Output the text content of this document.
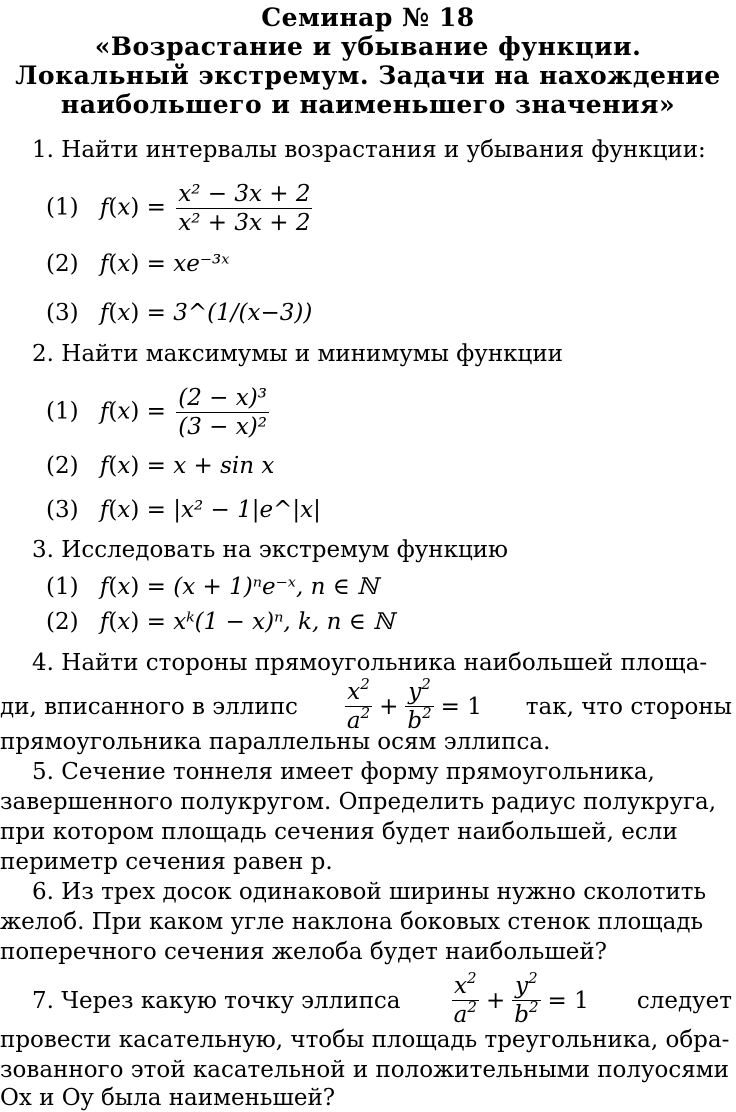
Семинар № 18
«Возрастание и убывание функции.
Локальный экстремум. Задачи на нахождение
наибольшего и наименьшего значения»
1. Найти интервалы возрастания и убывания функции:
(1) $f(x) = \frac{\text{x² − 3x + 2}}{\text{x² + 3x + 2}}$
(2) f(x) = xe⁻³ˣ
(3) f(x) = 3^(1/(x−3))
2. Найти максимумы и минимумы функции
(1) $f(x) = \frac{\text{(2 − x)³}}{\text{(3 − x)²}}$
(2) f(x) = x + sin x
(3) f(x) = |x² − 1|e^|x|
3. Исследовать на экстремум функцию
(1) f(x) = (x + 1)ⁿe⁻ˣ, n ∈ ℕ
(2) f(x) = xᵏ(1 − x)ⁿ, k, n ∈ ℕ
4. Найти стороны прямоугольника наибольшей площа-
ди, вписанного в эллипс $\frac{x^2}{a^2} + \frac{y^2}{b^2} = 1$ так, что стороны
прямоугольника параллельны осям эллипса.
5. Сечение тоннеля имеет форму прямоугольника,
завершенного полукругом. Определить радиус полукруга,
при котором площадь сечения будет наибольшей, если
периметр сечения равен p.
6. Из трех досок одинаковой ширины нужно сколотить
желоб. При каком угле наклона боковых стенок площадь
поперечного сечения желоба будет наибольшей?
7. Через какую точку эллипса $\frac{x^2}{a^2} + \frac{y^2}{b^2} = 1$ следует
провести касательную, чтобы площадь треугольника, обра-
зованного этой касательной и положительными полуосями
Ox и Oy была наименьшей?
